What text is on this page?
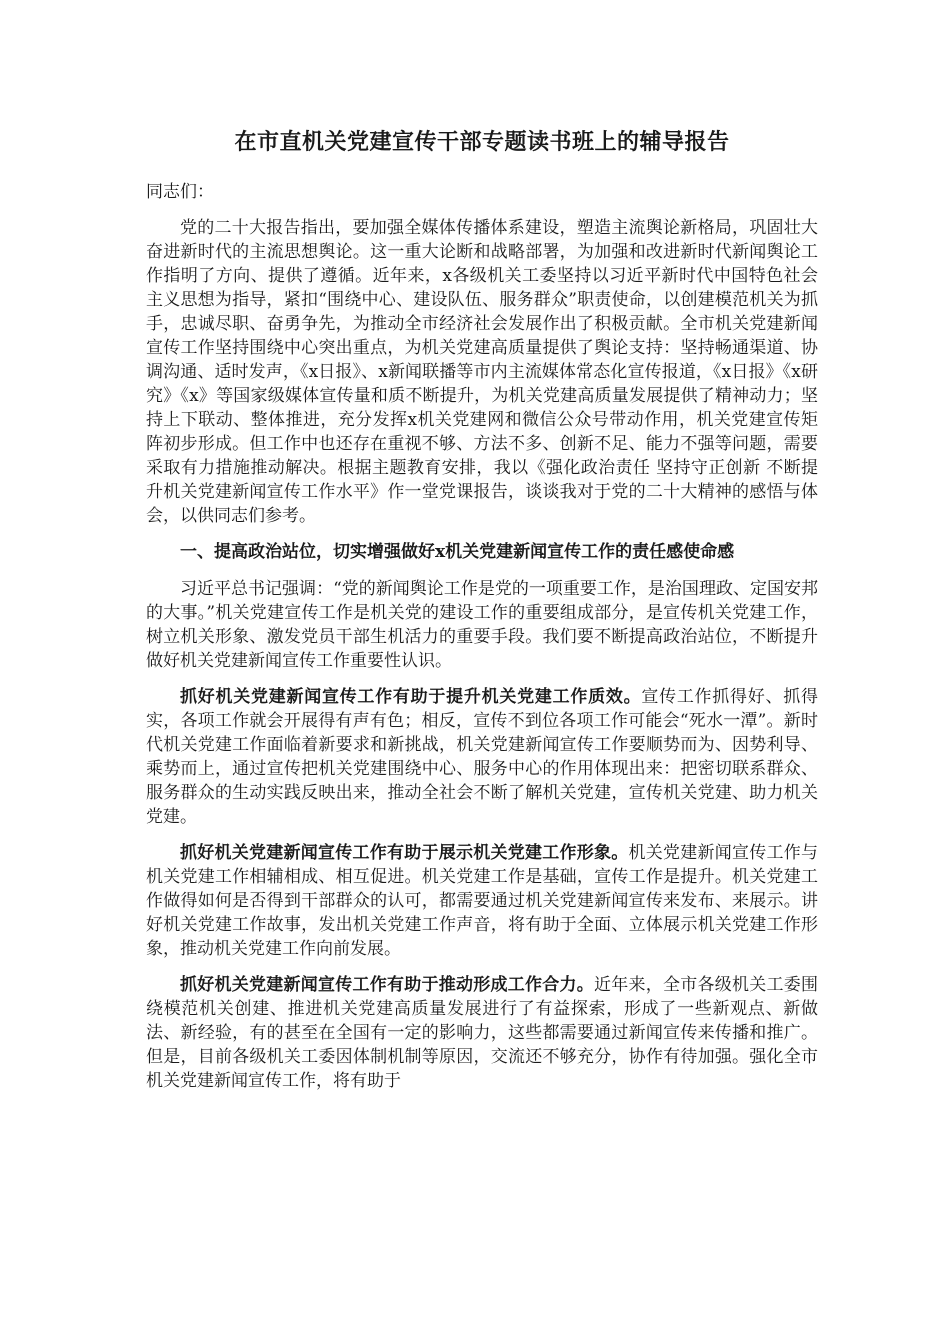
在市直机关党建宣传干部专题读书班上的辅导报告
同志们：

党的二十大报告指出，要加强全媒体传播体系建设，塑造主流舆论新格局，巩固壮大奋进新时代的主流思想舆论。这一重大论断和战略部署，为加强和改进新时代新闻舆论工作指明了方向、提供了遵循。近年来，x各级机关工委坚持以习近平新时代中国特色社会主义思想为指导，紧扣“围绕中心、建设队伍、服务群众”职责使命，以创建模范机关为抓手，忠诚尽职、奋勇争先，为推动全市经济社会发展作出了积极贡献。全市机关党建新闻宣传工作坚持围绕中心突出重点，为机关党建高质量提供了舆论支持：坚持畅通渠道、协调沟通、适时发声，《x日报》、x新闻联播等市内主流媒体常态化宣传报道，《x日报》《x研究》《x》等国家级媒体宣传量和质不断提升，为机关党建高质量发展提供了精神动力；坚持上下联动、整体推进，充分发挥x机关党建网和微信公众号带动作用，机关党建宣传矩阵初步形成。但工作中也还存在重视不够、方法不多、创新不足、能力不强等问题，需要采取有力措施推动解决。根据主题教育安排，我以《强化政治责任 坚持守正创新 不断提升机关党建新闻宣传工作水平》作一堂党课报告，谈谈我对于党的二十大精神的感悟与体会，以供同志们参考。

一、提高政治站位，切实增强做好x机关党建新闻宣传工作的责任感使命感

习近平总书记强调：“党的新闻舆论工作是党的一项重要工作，是治国理政、定国安邦的大事。”机关党建宣传工作是机关党的建设工作的重要组成部分，是宣传机关党建工作，树立机关形象、激发党员干部生机活力的重要手段。我们要不断提高政治站位，不断提升做好机关党建新闻宣传工作重要性认识。

抓好机关党建新闻宣传工作有助于提升机关党建工作质效。宣传工作抓得好、抓得实，各项工作就会开展得有声有色；相反，宣传不到位各项工作可能会“死水一潭”。新时代机关党建工作面临着新要求和新挑战，机关党建新闻宣传工作要顺势而为、因势利导、乘势而上，通过宣传把机关党建围绕中心、服务中心的作用体现出来：把密切联系群众、服务群众的生动实践反映出来，推动全社会不断了解机关党建，宣传机关党建、助力机关党建。

抓好机关党建新闻宣传工作有助于展示机关党建工作形象。机关党建新闻宣传工作与机关党建工作相辅相成、相互促进。机关党建工作是基础，宣传工作是提升。机关党建工作做得如何是否得到干部群众的认可，都需要通过机关党建新闻宣传来发布、来展示。讲好机关党建工作故事，发出机关党建工作声音，将有助于全面、立体展示机关党建工作形象，推动机关党建工作向前发展。

抓好机关党建新闻宣传工作有助于推动形成工作合力。近年来，全市各级机关工委围绕模范机关创建、推进机关党建高质量发展进行了有益探索，形成了一些新观点、新做法、新经验，有的甚至在全国有一定的影响力，这些都需要通过新闻宣传来传播和推广。但是，目前各级机关工委因体制机制等原因，交流还不够充分，协作有待加强。强化全市机关党建新闻宣传工作，将有助于
